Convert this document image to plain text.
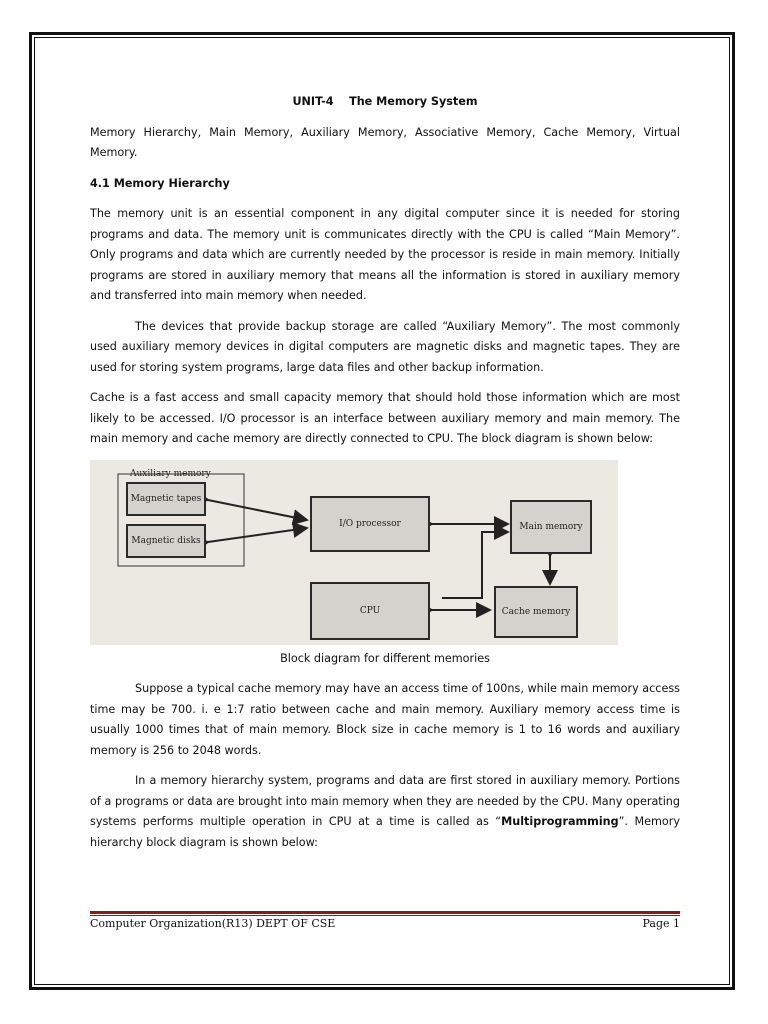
UNIT-4    The Memory System

Memory Hierarchy, Main Memory, Auxiliary Memory, Associative Memory, Cache Memory, Virtual Memory.

4.1 Memory Hierarchy

The memory unit is an essential component in any digital computer since it is needed for storing programs and data. The memory unit is communicates directly with the CPU is called “Main Memory”. Only programs and data which are currently needed by the processor is reside in main memory. Initially programs are stored in auxiliary memory that means all the information is stored in auxiliary memory and transferred into main memory when needed.

The devices that provide backup storage are called “Auxiliary Memory”. The most commonly used auxiliary memory devices in digital computers are magnetic disks and magnetic tapes. They are used for storing system programs, large data files and other backup information.

Cache is a fast access and small capacity memory that should hold those information which are most likely to be accessed. I/O processor is an interface between auxiliary memory and main memory. The main memory and cache memory are directly connected to CPU. The block diagram is shown below:

Auxiliary memory
Magnetic tapes
Magnetic disks
I/O processor	Main memory
CPU	Cache memory

Block diagram for different memories

Suppose a typical cache memory may have an access time of 100ns, while main memory access time may be 700. i. e 1:7 ratio between cache and main memory. Auxiliary memory access time is usually 1000 times that of main memory. Block size in cache memory is 1 to 16 words and auxiliary memory is 256 to 2048 words.

In a memory hierarchy system, programs and data are first stored in auxiliary memory. Portions of a programs or data are brought into main memory when they are needed by the CPU. Many operating systems performs multiple operation in CPU at a time is called as “Multiprogramming”. Memory hierarchy block diagram is shown below:

Computer Organization(R13) DEPT OF CSE	Page 1
